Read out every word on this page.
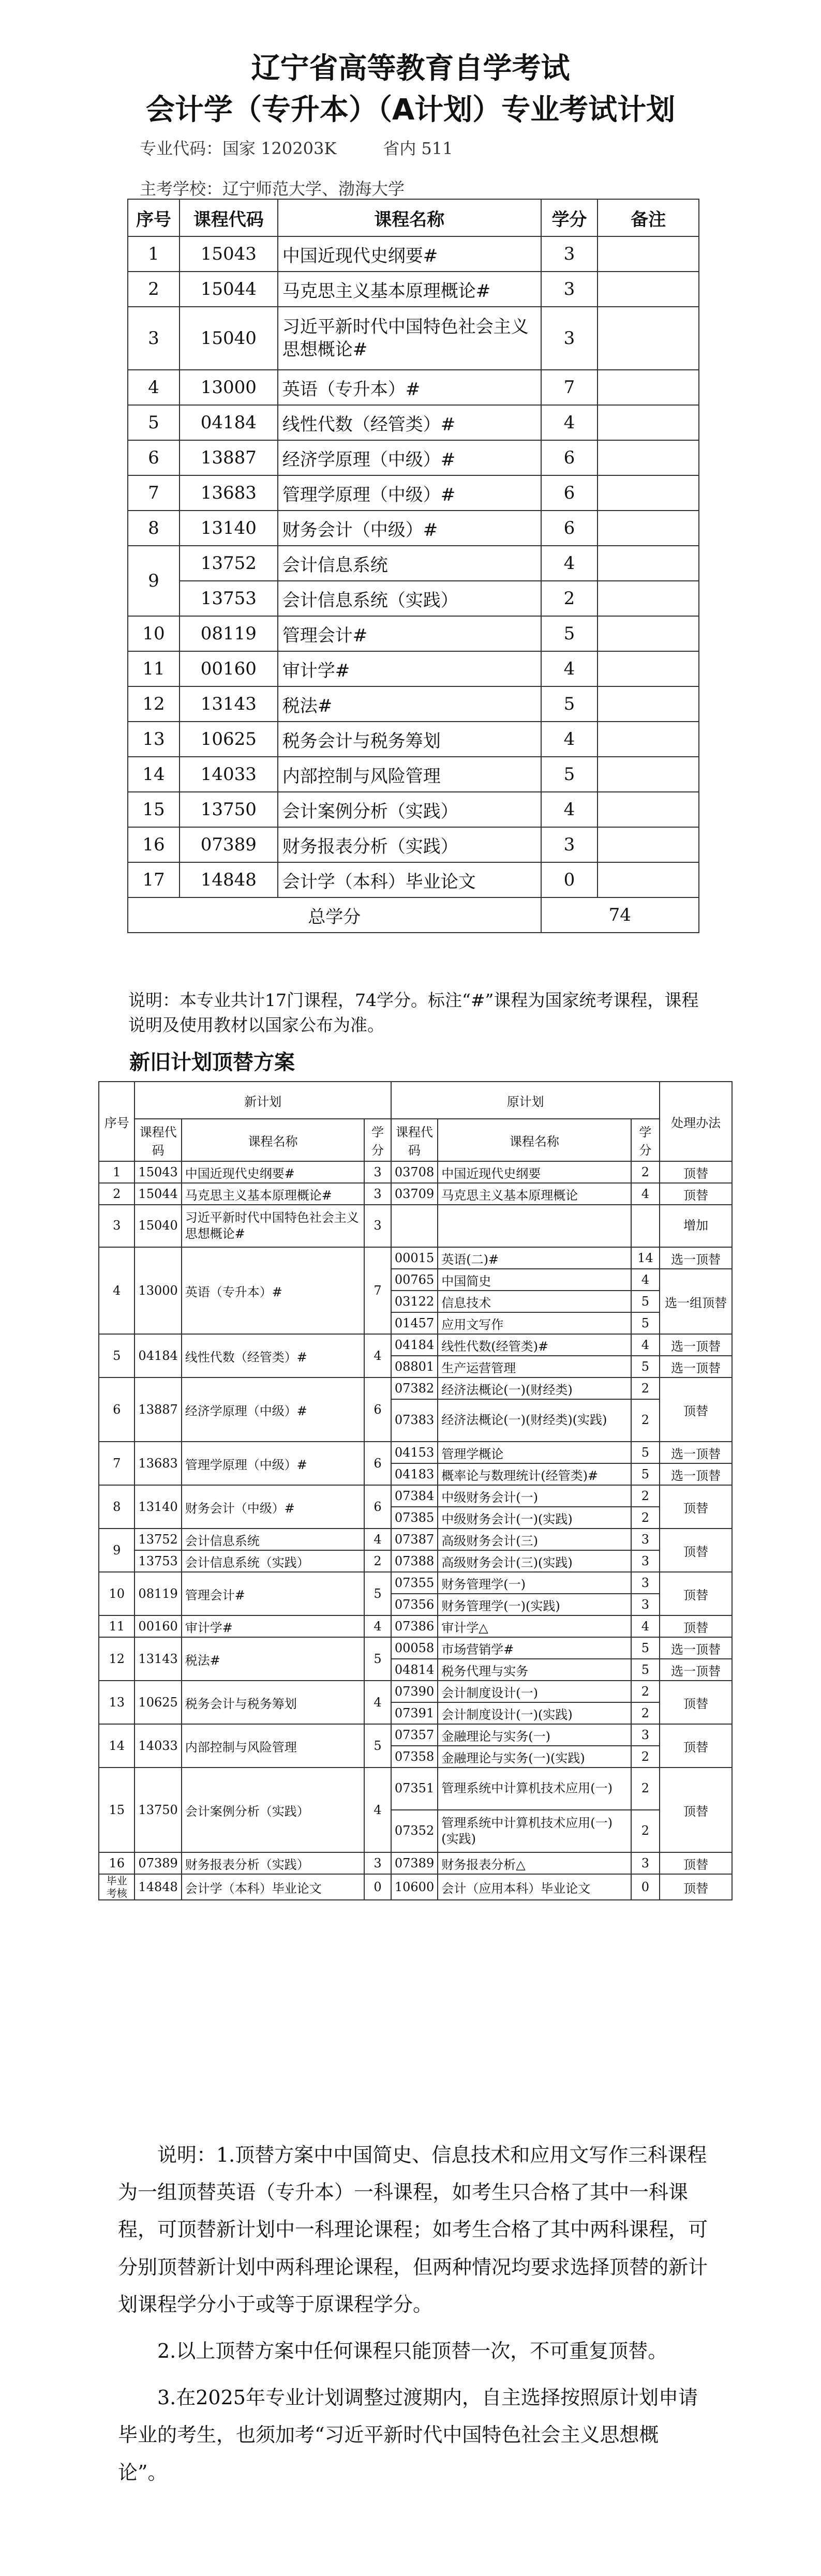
辽宁省高等教育自学考试
会计学（专升本）（A计划）专业考试计划
专业代码：国家 120203K	省内 511
主考学校：辽宁师范大学、渤海大学
序号	课程代码	课程名称	学分	备注
1	15043	中国近现代史纲要#	3	
2	15044	马克思主义基本原理概论#	3	
3	15040	习近平新时代中国特色社会主义思想概论#	3	
4	13000	英语（专升本）#	7	
5	04184	线性代数（经管类）#	4	
6	13887	经济学原理（中级）#	6	
7	13683	管理学原理（中级）#	6	
8	13140	财务会计（中级）#	6	
9	13752	会计信息系统	4	
	13753	会计信息系统（实践）	2	
10	08119	管理会计#	5	
11	00160	审计学#	4	
12	13143	税法#	5	
13	10625	税务会计与税务筹划	4	
14	14033	内部控制与风险管理	5	
15	13750	会计案例分析（实践）	4	
16	07389	财务报表分析（实践）	3	
17	14848	会计学（本科）毕业论文	0	
总学分			74	
说明：本专业共计17门课程，74学分。标注“#”课程为国家统考课程，课程说明及使用教材以国家公布为准。
新旧计划顶替方案
序号	新计划			原计划			处理办法
	课程代码	课程名称	学分	课程代码	课程名称	学分	
1	15043	中国近现代史纲要#	3	03708	中国近现代史纲要	2	顶替
2	15044	马克思主义基本原理概论#	3	03709	马克思主义基本原理概论	4	顶替
3	15040	习近平新时代中国特色社会主义思想概论#	3				增加
4	13000	英语（专升本）#	7	00015	英语(二)#	14	选一顶替
				00765	中国简史	4	选一组顶替
				03122	信息技术	5	
				01457	应用文写作	5	
5	04184	线性代数（经管类）#	4	04184	线性代数(经管类)#	4	选一顶替
				08801	生产运营管理	5	选一顶替
6	13887	经济学原理（中级）#	6	07382	经济法概论(一)(财经类)	2	顶替
				07383	经济法概论(一)(财经类)(实践)	2	
7	13683	管理学原理（中级）#	6	04153	管理学概论	5	选一顶替
				04183	概率论与数理统计(经管类)#	5	选一顶替
8	13140	财务会计（中级）#	6	07384	中级财务会计(一)	2	顶替
				07385	中级财务会计(一)(实践)	2	
9	13752	会计信息系统	4	07387	高级财务会计(三)	3	顶替
	13753	会计信息系统（实践）	2	07388	高级财务会计(三)(实践)	3	
10	08119	管理会计#	5	07355	财务管理学(一)	3	顶替
				07356	财务管理学(一)(实践)	3	
11	00160	审计学#	4	07386	审计学△	4	顶替
12	13143	税法#	5	00058	市场营销学#	5	选一顶替
				04814	税务代理与实务	5	选一顶替
13	10625	税务会计与税务筹划	4	07390	会计制度设计(一)	2	顶替
				07391	会计制度设计(一)(实践)	2	
14	14033	内部控制与风险管理	5	07357	金融理论与实务(一)	3	顶替
				07358	金融理论与实务(一)(实践)	2	
15	13750	会计案例分析（实践）	4	07351	管理系统中计算机技术应用(一)	2	顶替
				07352	管理系统中计算机技术应用(一)(实践)	2	
16	07389	财务报表分析（实践）	3	07389	财务报表分析△	3	顶替
毕业考核	14848	会计学（本科）毕业论文	0	10600	会计（应用本科）毕业论文	0	顶替

说明：1.顶替方案中中国简史、信息技术和应用文写作三科课程为一组顶替英语（专升本）一科课程，如考生只合格了其中一科课程，可顶替新计划中一科理论课程；如考生合格了其中两科课程，可分别顶替新计划中两科理论课程，但两种情况均要求选择顶替的新计划课程学分小于或等于原课程学分。

2.以上顶替方案中任何课程只能顶替一次，不可重复顶替。

3.在2025年专业计划调整过渡期内，自主选择按照原计划申请毕业的考生，也须加考“习近平新时代中国特色社会主义思想概论”。
